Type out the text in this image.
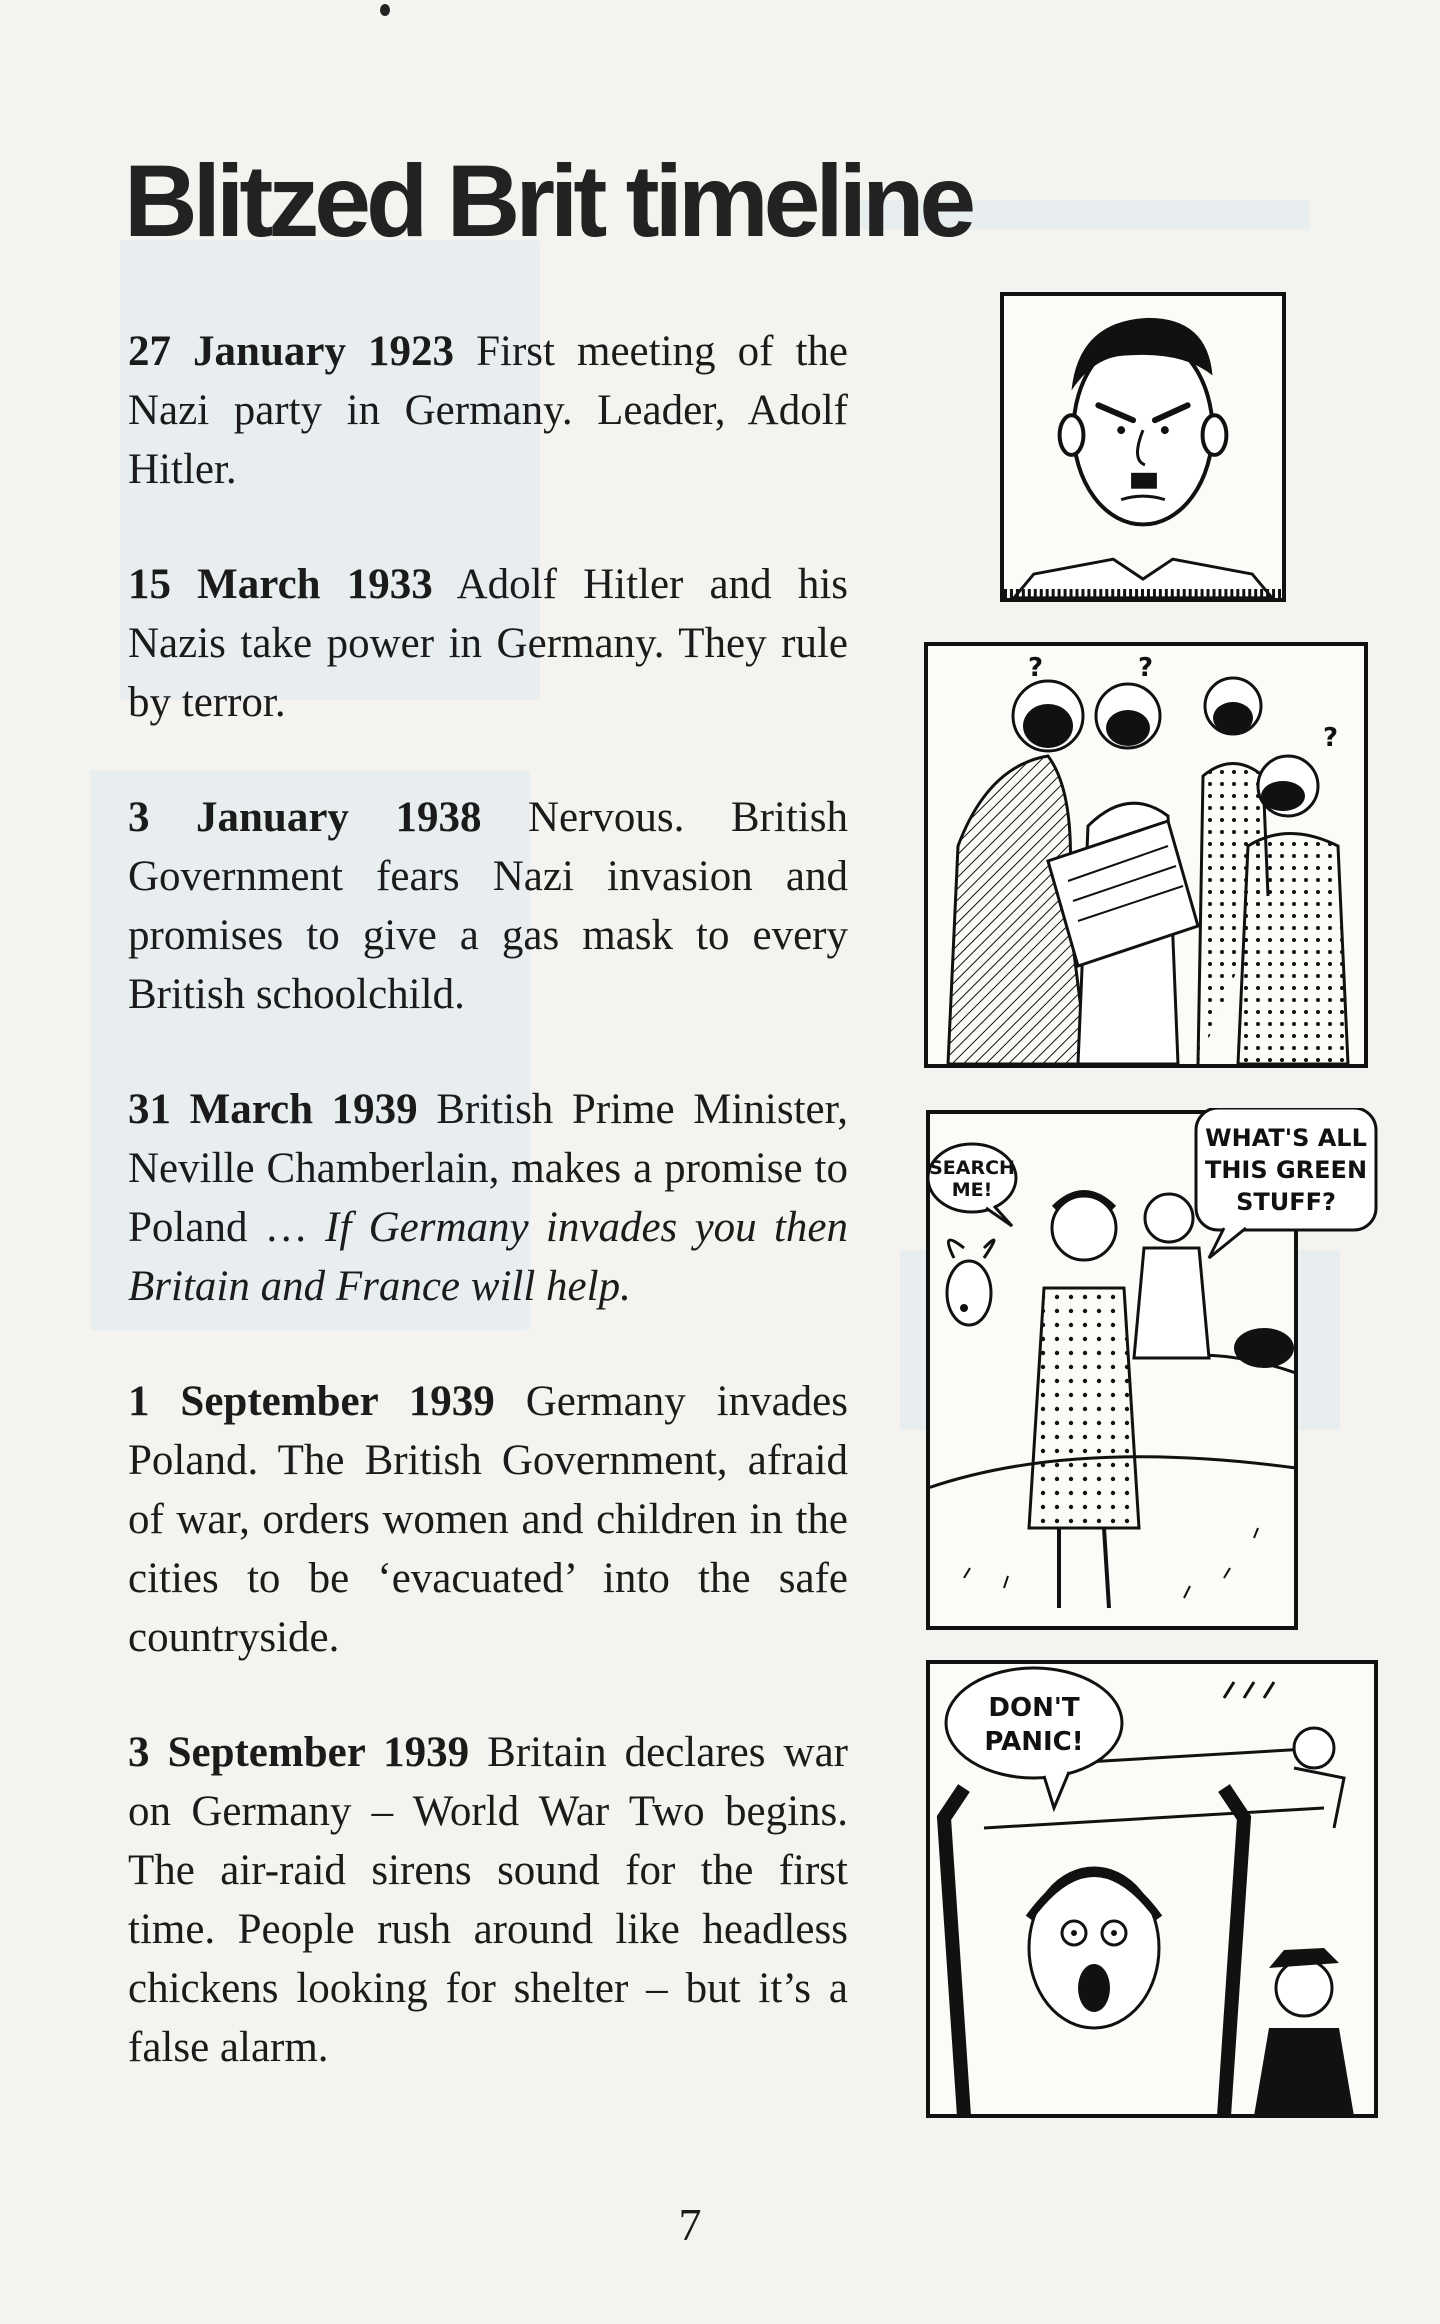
Blitzed Brit timeline

27 January 1923 First meeting of the Nazi party in Germany. Leader, Adolf Hitler.

15 March 1933 Adolf Hitler and his Nazis take power in Germany. They rule by terror.

3 January 1938 Nervous. British Government fears Nazi invasion and promises to give a gas mask to every British schoolchild.

31 March 1939 British Prime Minister, Neville Chamberlain, makes a promise to Poland … If Germany invades you then Britain and France will help.

1 September 1939 Germany invades Poland. The British Government, afraid of war, orders women and children in the cities to be ‘evacuated’ into the safe countryside.

3 September 1939 Britain declares war on Germany – World War Two begins. The air-raid sirens sound for the first time. People rush around like headless chickens looking for shelter – but it’s a false alarm.

?	?
?
SEARCH
ME!
WHAT'S ALL
THIS GREEN
STUFF?
DON'T
PANIC!
7
